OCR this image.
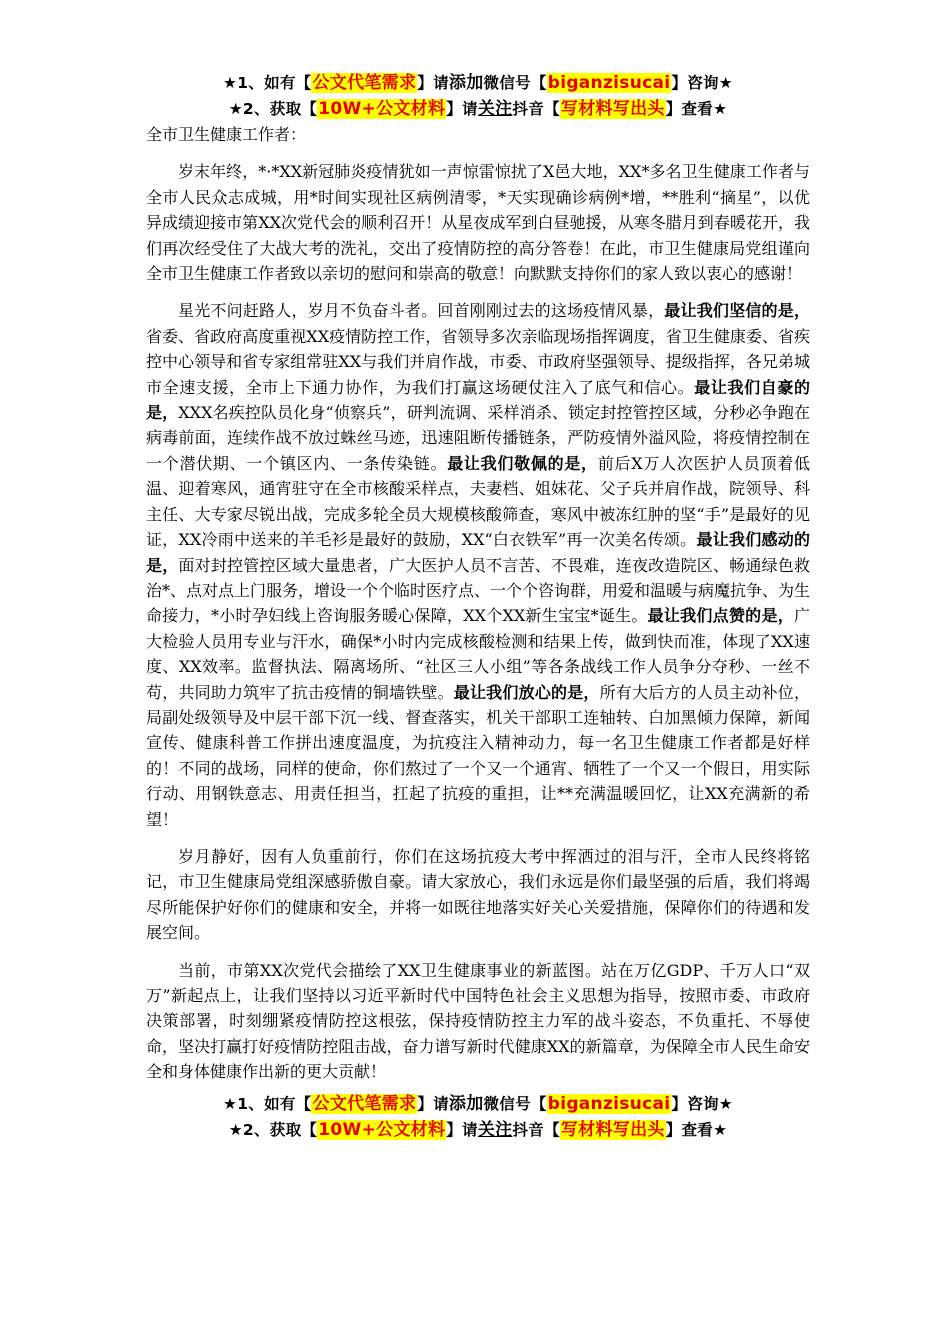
★1、如有【公文代笔需求】请添加微信号【biganzisucai】咨询★
★2、获取【10W+公文材料】请关注抖音【写材料写出头】查看★

全市卫生健康工作者：

岁末年终，*·*XX新冠肺炎疫情犹如一声惊雷惊扰了X邑大地，XX*多名卫生健康工作者与全市人民众志成城，用*时间实现社区病例清零，*天实现确诊病例*增，**胜利“摘星”，以优异成绩迎接市第XX次党代会的顺利召开！从星夜成军到白昼驰援，从寒冬腊月到春暖花开，我们再次经受住了大战大考的洗礼，交出了疫情防控的高分答卷！在此，市卫生健康局党组谨向全市卫生健康工作者致以亲切的慰问和崇高的敬意！向默默支持你们的家人致以衷心的感谢！

星光不问赶路人，岁月不负奋斗者。回首刚刚过去的这场疫情风暴，最让我们坚信的是，省委、省政府高度重视XX疫情防控工作，省领导多次亲临现场指挥调度，省卫生健康委、省疾控中心领导和省专家组常驻XX与我们并肩作战，市委、市政府坚强领导、提级指挥，各兄弟城市全速支援，全市上下通力协作，为我们打赢这场硬仗注入了底气和信心。最让我们自豪的是，XXX名疾控队员化身“侦察兵”，研判流调、采样消杀、锁定封控管控区域，分秒必争跑在病毒前面，连续作战不放过蛛丝马迹，迅速阻断传播链条，严防疫情外溢风险，将疫情控制在一个潜伏期、一个镇区内、一条传染链。最让我们敬佩的是，前后X万人次医护人员顶着低温、迎着寒风，通宵驻守在全市核酸采样点，夫妻档、姐妹花、父子兵并肩作战，院领导、科主任、大专家尽锐出战，完成多轮全员大规模核酸筛查，寒风中被冻红肿的坚“手”是最好的见证，XX冷雨中送来的羊毛衫是最好的鼓励，XX“白衣铁军”再一次美名传颂。最让我们感动的是，面对封控管控区域大量患者，广大医护人员不言苦、不畏难，连夜改造院区、畅通绿色救治*、点对点上门服务，增设一个个临时医疗点、一个个咨询群，用爱和温暖与病魔抗争、为生命接力，*小时孕妇线上咨询服务暖心保障，XX个XX新生宝宝*诞生。最让我们点赞的是，广大检验人员用专业与汗水，确保*小时内完成核酸检测和结果上传，做到快而准，体现了XX速度、XX效率。监督执法、隔离场所、“社区三人小组”等各条战线工作人员争分夺秒、一丝不苟，共同助力筑牢了抗击疫情的铜墙铁壁。最让我们放心的是，所有大后方的人员主动补位，局副处级领导及中层干部下沉一线、督查落实，机关干部职工连轴转、白加黑倾力保障，新闻宣传、健康科普工作拼出速度温度，为抗疫注入精神动力，每一名卫生健康工作者都是好样的！不同的战场，同样的使命，你们熬过了一个又一个通宵、牺牲了一个又一个假日，用实际行动、用钢铁意志、用责任担当，扛起了抗疫的重担，让**充满温暖回忆，让XX充满新的希望！

岁月静好，因有人负重前行，你们在这场抗疫大考中挥洒过的泪与汗，全市人民终将铭记，市卫生健康局党组深感骄傲自豪。请大家放心，我们永远是你们最坚强的后盾，我们将竭尽所能保护好你们的健康和安全，并将一如既往地落实好关心关爱措施，保障你们的待遇和发展空间。

当前，市第XX次党代会描绘了XX卫生健康事业的新蓝图。站在万亿GDP、千万人口“双万”新起点上，让我们坚持以习近平新时代中国特色社会主义思想为指导，按照市委、市政府决策部署，时刻绷紧疫情防控这根弦，保持疫情防控主力军的战斗姿态，不负重托、不辱使命，坚决打赢打好疫情防控阻击战，奋力谱写新时代健康XX的新篇章，为保障全市人民生命安全和身体健康作出新的更大贡献！

★1、如有【公文代笔需求】请添加微信号【biganzisucai】咨询★
★2、获取【10W+公文材料】请关注抖音【写材料写出头】查看★
